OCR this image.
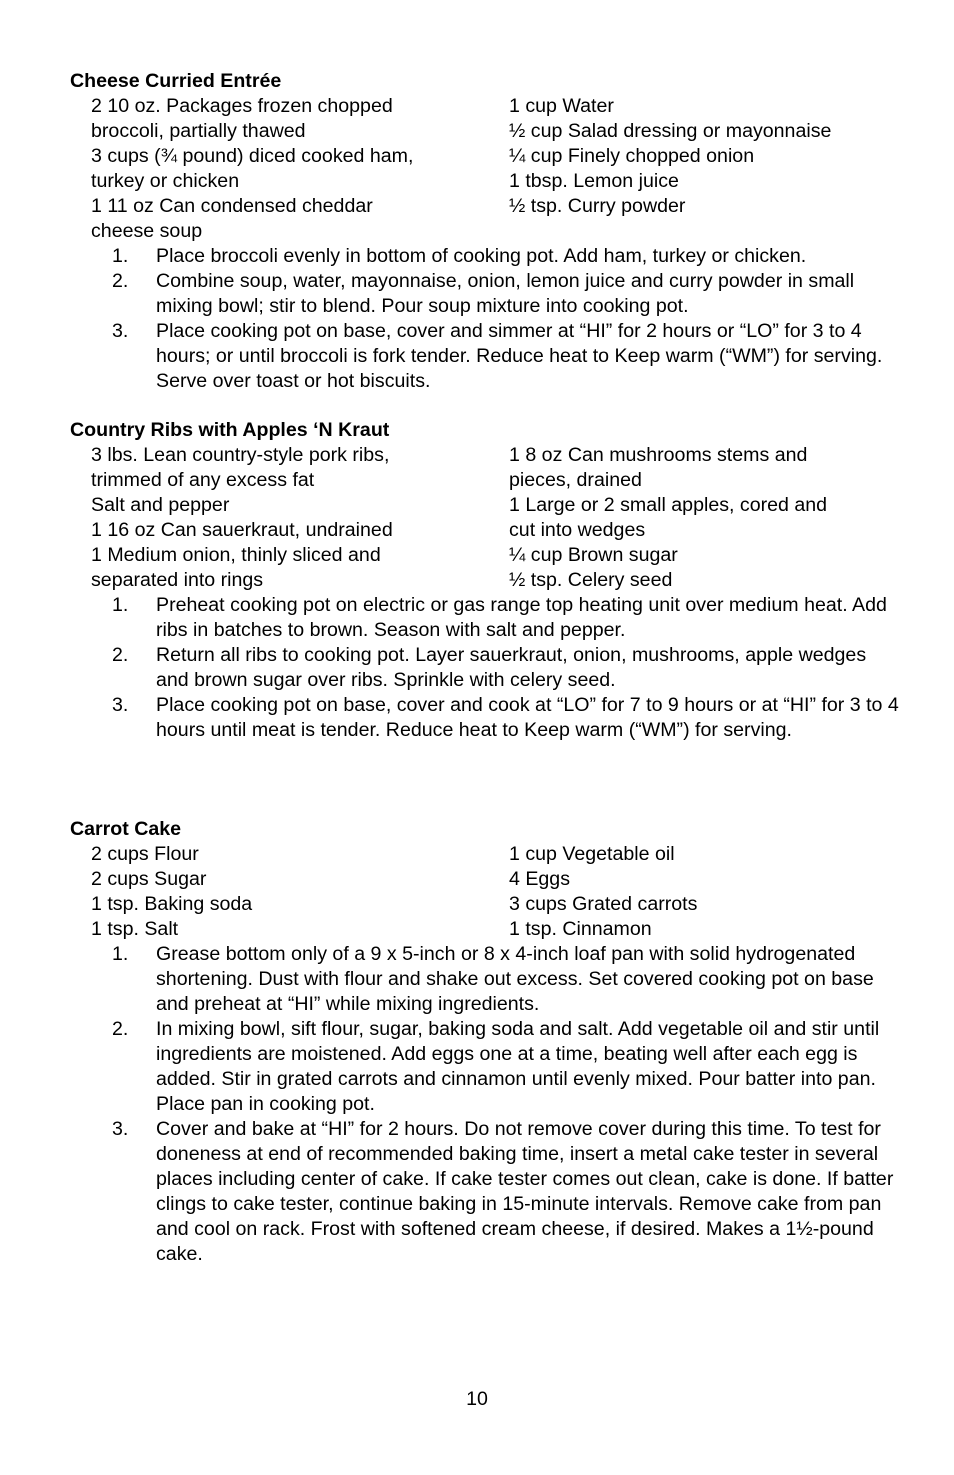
Cheese Curried Entrée
2 10 oz. Packages frozen chopped
broccoli, partially thawed
3 cups (¾ pound) diced cooked ham,
turkey or chicken
1 11 oz Can condensed cheddar
cheese soup
1 cup Water
½ cup Salad dressing or mayonnaise
¼ cup Finely chopped onion
1 tbsp. Lemon juice
½ tsp. Curry powder
1. Place broccoli evenly in bottom of cooking pot. Add ham, turkey or chicken.
2. Combine soup, water, mayonnaise, onion, lemon juice and curry powder in small mixing bowl; stir to blend. Pour soup mixture into cooking pot.
3. Place cooking pot on base, cover and simmer at “HI” for 2 hours or “LO” for 3 to 4 hours; or until broccoli is fork tender. Reduce heat to Keep warm (“WM”) for serving. Serve over toast or hot biscuits.
Country Ribs with Apples ‘N Kraut
3 lbs. Lean country-style pork ribs,
trimmed of any excess fat
Salt and pepper
1 16 oz Can sauerkraut, undrained
1 Medium onion, thinly sliced and
separated into rings
1 8 oz Can mushrooms stems and
pieces, drained
1 Large or 2 small apples, cored and
cut into wedges
¼ cup Brown sugar
½ tsp. Celery seed
1. Preheat cooking pot on electric or gas range top heating unit over medium heat. Add ribs in batches to brown. Season with salt and pepper.
2. Return all ribs to cooking pot. Layer sauerkraut, onion, mushrooms, apple wedges and brown sugar over ribs. Sprinkle with celery seed.
3. Place cooking pot on base, cover and cook at “LO” for 7 to 9 hours or at “HI” for 3 to 4 hours until meat is tender. Reduce heat to Keep warm (“WM”) for serving.
Carrot Cake
2 cups Flour
2 cups Sugar
1 tsp. Baking soda
1 tsp. Salt
1 cup Vegetable oil
4 Eggs
3 cups Grated carrots
1 tsp. Cinnamon
1. Grease bottom only of a 9 x 5-inch or 8 x 4-inch loaf pan with solid hydrogenated shortening. Dust with flour and shake out excess. Set covered cooking pot on base and preheat at “HI” while mixing ingredients.
2. In mixing bowl, sift flour, sugar, baking soda and salt. Add vegetable oil and stir until ingredients are moistened. Add eggs one at a time, beating well after each egg is added. Stir in grated carrots and cinnamon until evenly mixed. Pour batter into pan. Place pan in cooking pot.
3. Cover and bake at “HI” for 2 hours. Do not remove cover during this time. To test for doneness at end of recommended baking time, insert a metal cake tester in several places including center of cake. If cake tester comes out clean, cake is done. If batter clings to cake tester, continue baking in 15-minute intervals. Remove cake from pan and cool on rack. Frost with softened cream cheese, if desired. Makes a 1½-pound cake.
10
